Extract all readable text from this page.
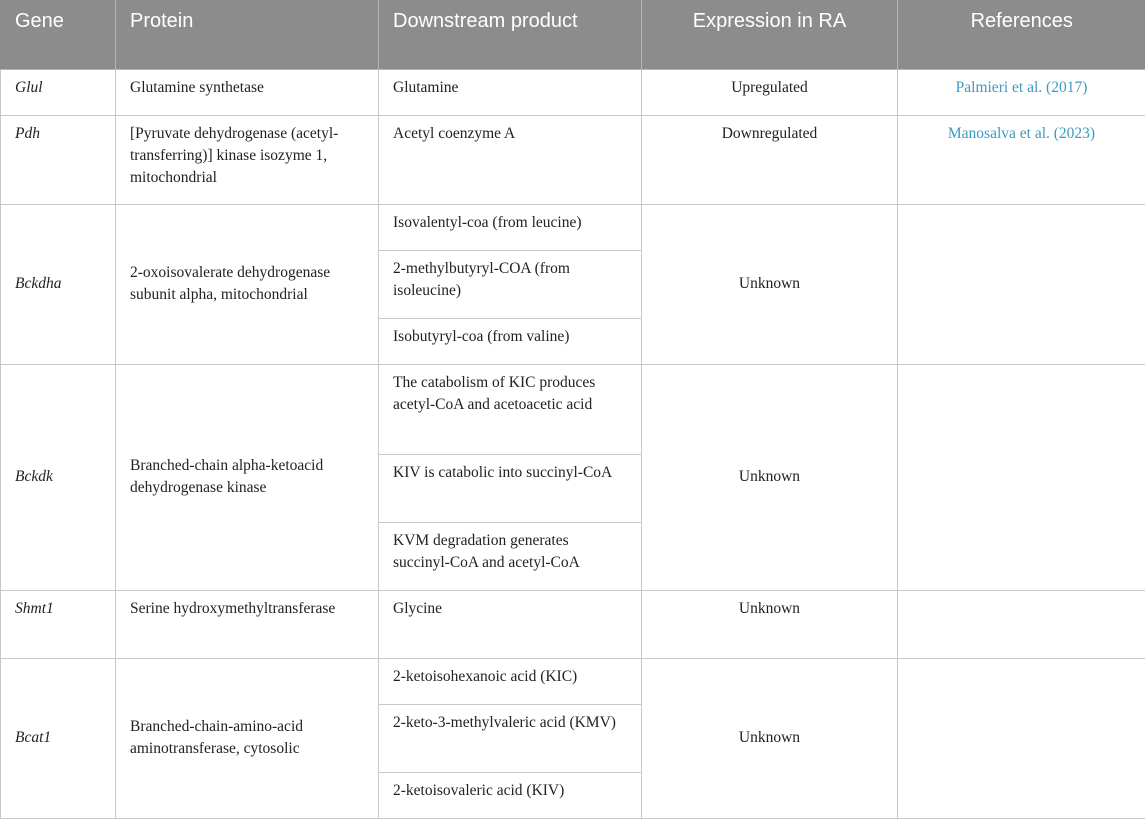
Gene	Protein	Downstream product	Expression in RA	References
Glul	Glutamine synthetase	Glutamine	Upregulated	Palmieri et al. (2017)
Pdh	[Pyruvate dehydrogenase (acetyl-transferring)] kinase isozyme 1, mitochondrial	Acetyl coenzyme A	Downregulated	Manosalva et al. (2023)
Bckdha	2-oxoisovalerate dehydrogenase subunit alpha, mitochondrial	Isovalentyl-coa (from leucine)	Unknown	
		2-methylbutyryl-COA (from isoleucine)		
		Isobutyryl-coa (from valine)		
Bckdk	Branched-chain alpha-ketoacid dehydrogenase kinase	The catabolism of KIC produces acetyl-CoA and acetoacetic acid	Unknown	
		KIV is catabolic into succinyl-CoA		
		KVM degradation generates succinyl-CoA and acetyl-CoA		
Shmt1	Serine hydroxymethyltransferase	Glycine	Unknown	
Bcat1	Branched-chain-amino-acid aminotransferase, cytosolic	2-ketoisohexanoic acid (KIC)	Unknown	
		2-keto-3-methylvaleric acid (KMV)		
		2-ketoisovaleric acid (KIV)		
